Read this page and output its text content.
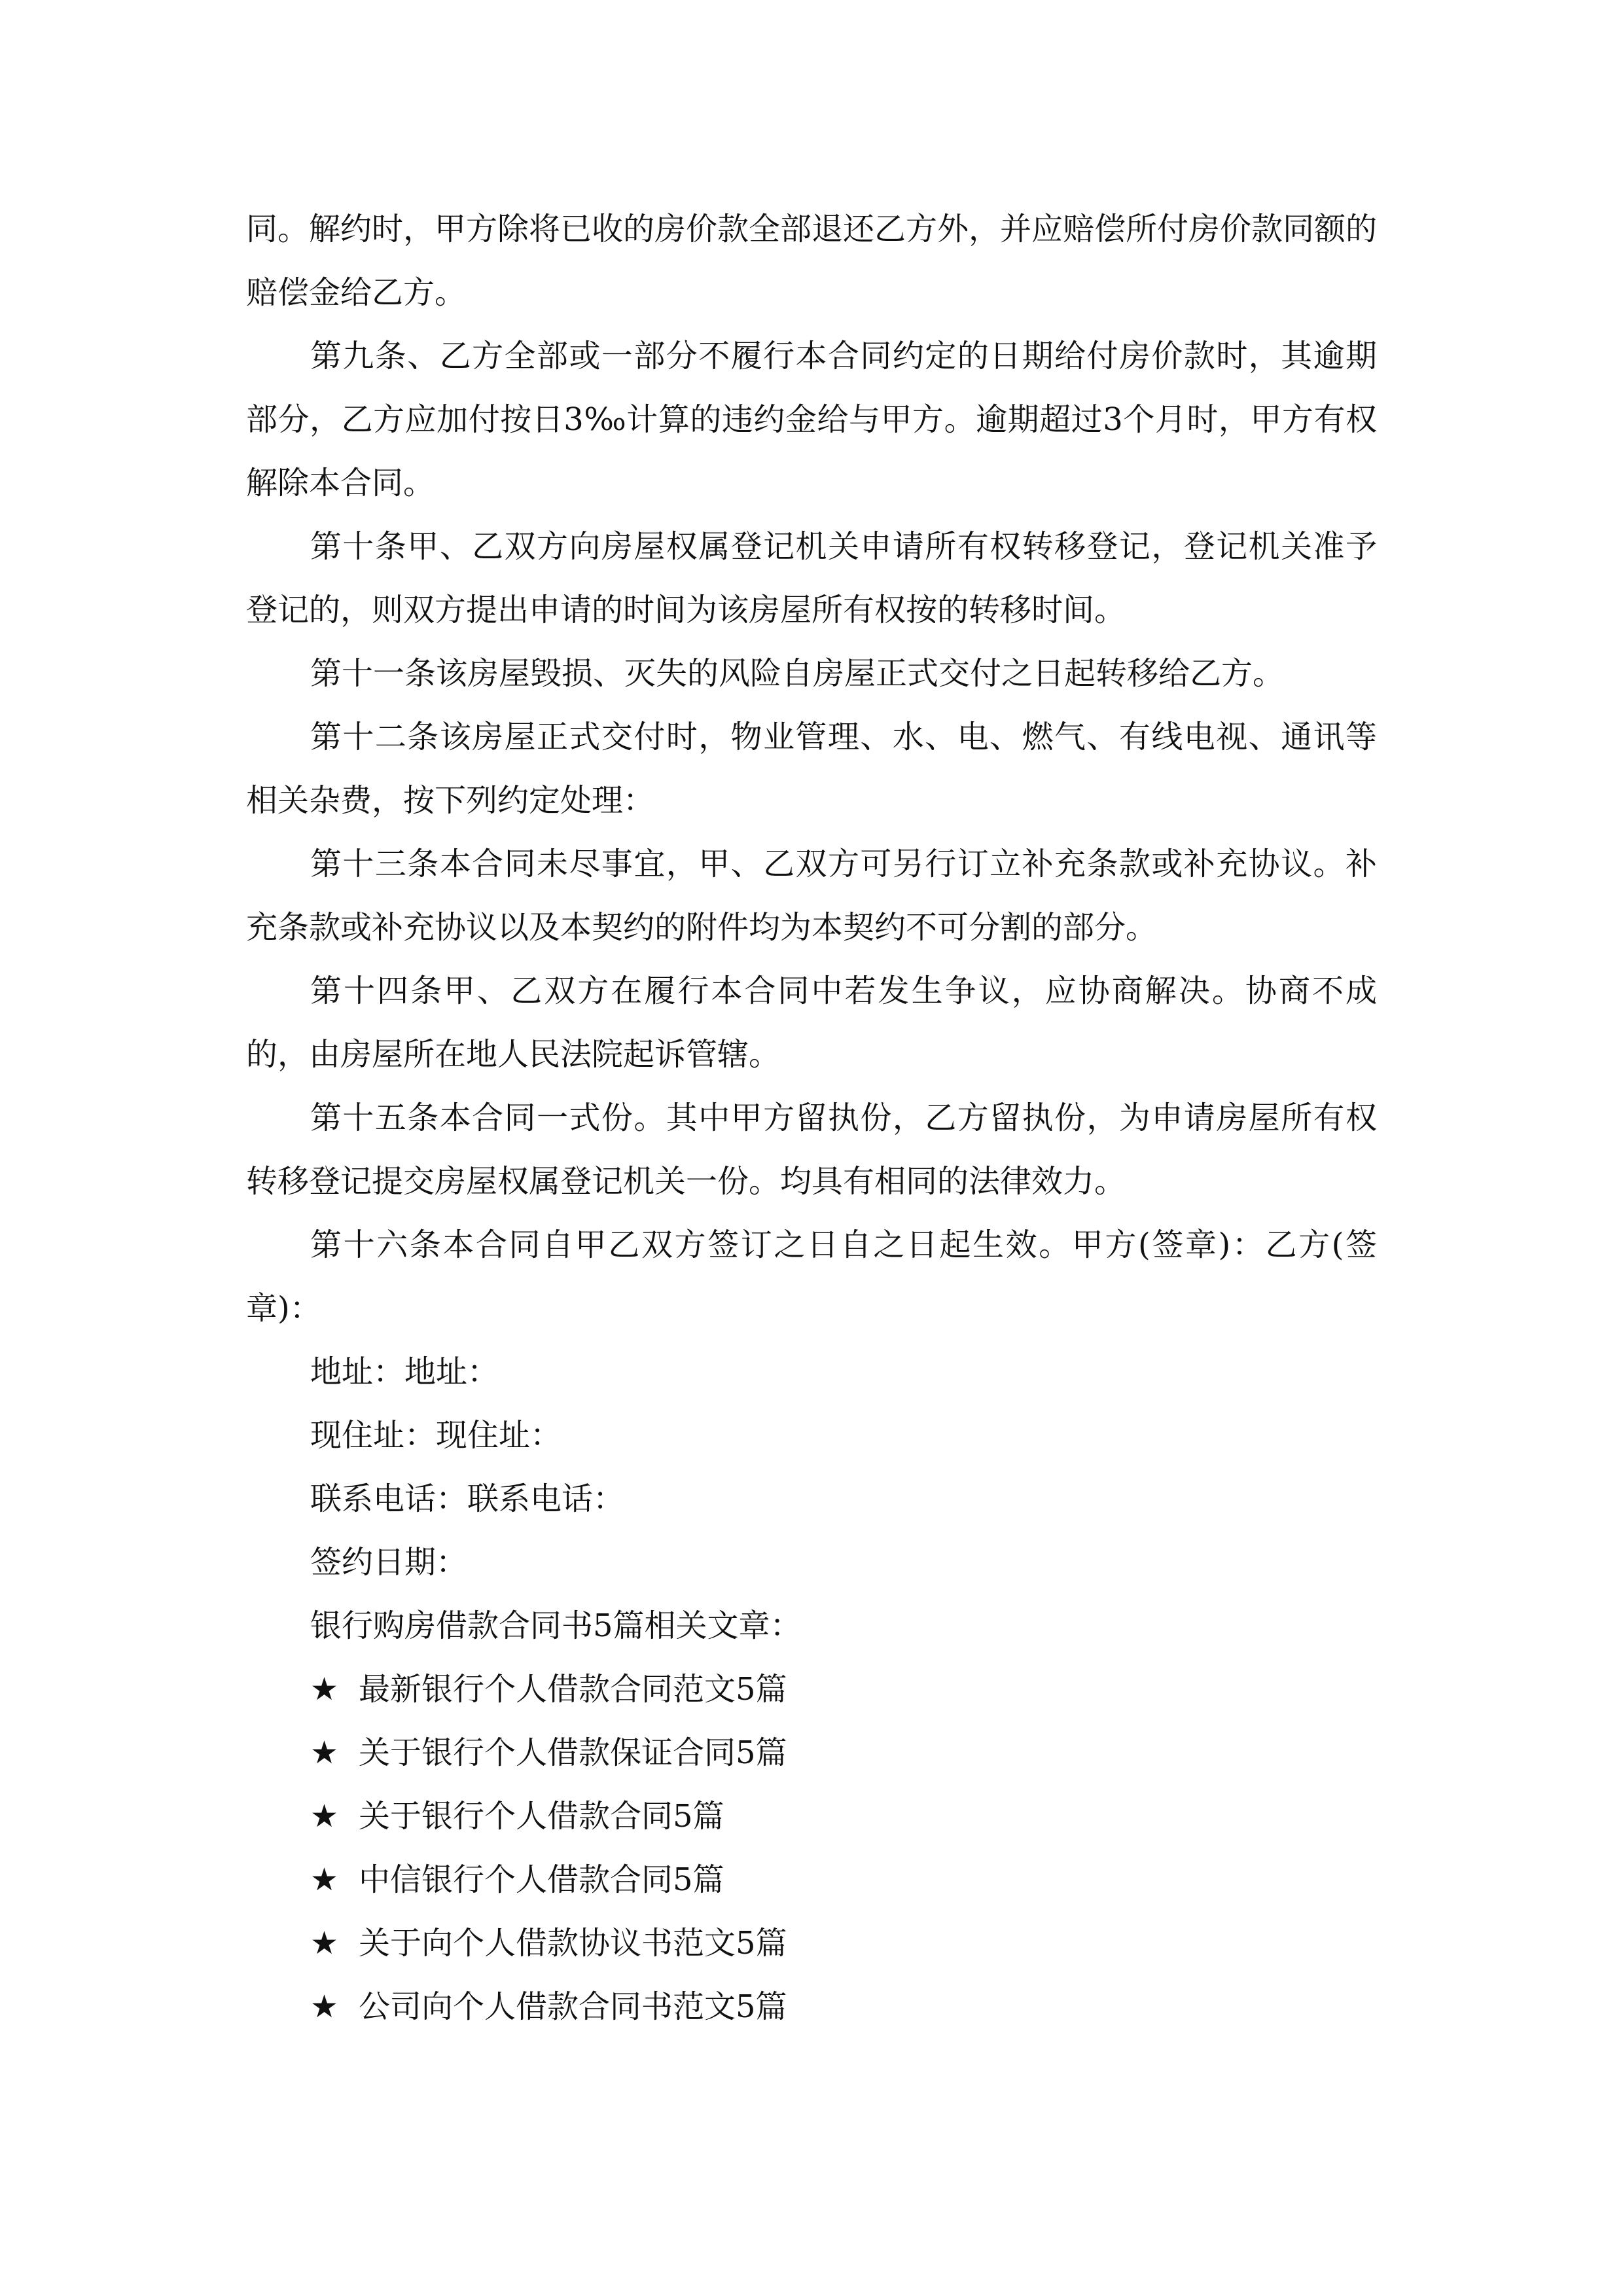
同。解约时，甲方除将已收的房价款全部退还乙方外，并应赔偿所付房价款同额的赔偿金给乙方。

第九条、乙方全部或一部分不履行本合同约定的日期给付房价款时，其逾期部分，乙方应加付按日3‰计算的违约金给与甲方。逾期超过3个月时，甲方有权解除本合同。

第十条甲、乙双方向房屋权属登记机关申请所有权转移登记，登记机关准予登记的，则双方提出申请的时间为该房屋所有权按的转移时间。

第十一条该房屋毁损、灭失的风险自房屋正式交付之日起转移给乙方。

第十二条该房屋正式交付时，物业管理、水、电、燃气、有线电视、通讯等相关杂费，按下列约定处理：

第十三条本合同未尽事宜，甲、乙双方可另行订立补充条款或补充协议。补充条款或补充协议以及本契约的附件均为本契约不可分割的部分。

第十四条甲、乙双方在履行本合同中若发生争议，应协商解决。协商不成的，由房屋所在地人民法院起诉管辖。

第十五条本合同一式份。其中甲方留执份，乙方留执份，为申请房屋所有权转移登记提交房屋权属登记机关一份。均具有相同的法律效力。

第十六条本合同自甲乙双方签订之日自之日起生效。甲方(签章)：乙方(签章)：

地址：地址：

现住址：现住址：

联系电话：联系电话：

签约日期：

银行购房借款合同书5篇相关文章：

★ 最新银行个人借款合同范文5篇

★ 关于银行个人借款保证合同5篇

★ 关于银行个人借款合同5篇

★ 中信银行个人借款合同5篇

★ 关于向个人借款协议书范文5篇

★ 公司向个人借款合同书范文5篇
